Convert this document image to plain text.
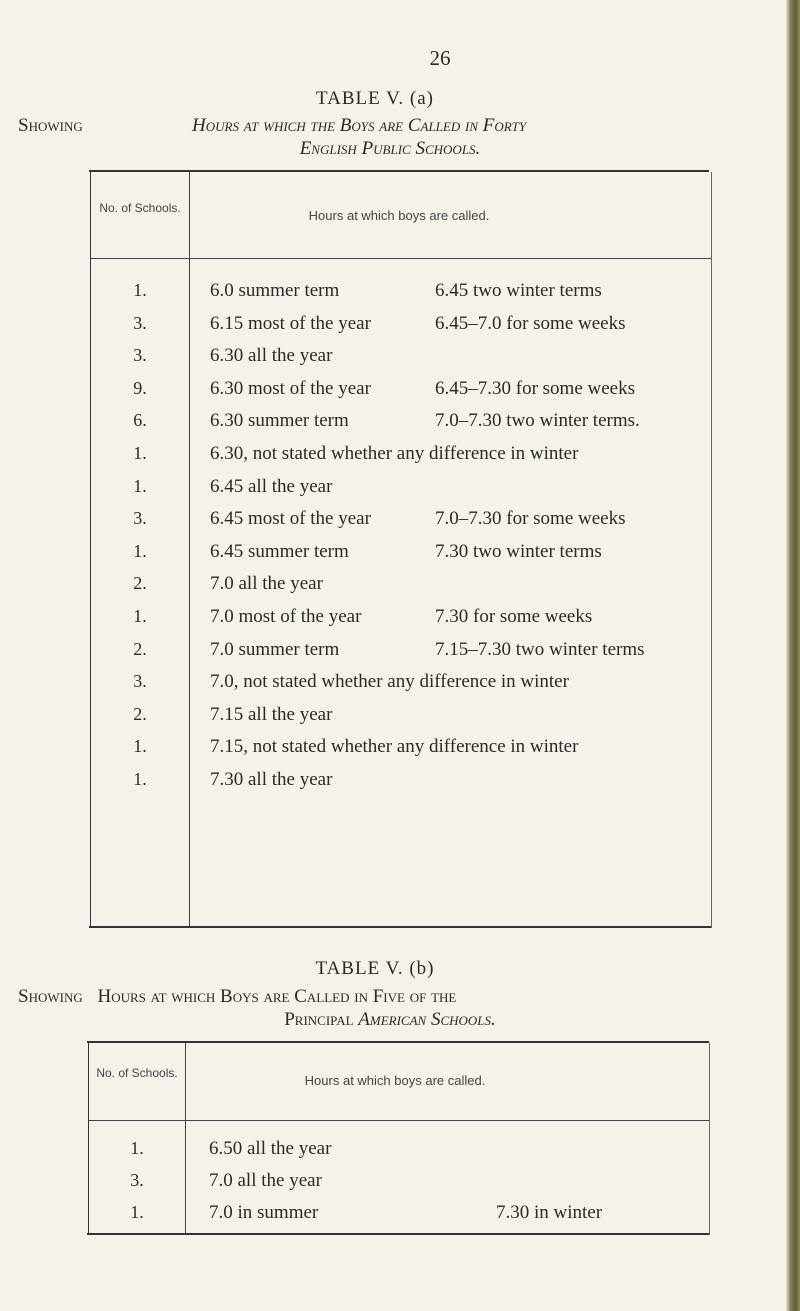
26
TABLE V. (a)
Showing	Hours at which the Boys are Called in Forty
English Public Schools.
No. of Schools.	Hours at which boys are called.
1.	6.0 summer term	6.45 two winter terms
3.	6.15 most of the year	6.45–7.0 for some weeks
3.	6.30 all the year
9.	6.30 most of the year	6.45–7.30 for some weeks
6.	6.30 summer term	7.0–7.30 two winter terms.
1.	6.30, not stated whether any difference in winter
1.	6.45 all the year
3.	6.45 most of the year	7.0–7.30 for some weeks
1.	6.45 summer term	7.30 two winter terms
2.	7.0 all the year
1.	7.0 most of the year	7.30 for some weeks
2.	7.0 summer term	7.15–7.30 two winter terms
3.	7.0, not stated whether any difference in winter
2.	7.15 all the year
1.	7.15, not stated whether any difference in winter
1.	7.30 all the year
TABLE V. (b)
Showing Hours at which Boys are Called in Five of the
Principal American Schools.
No. of Schools.	Hours at which boys are called.
1.	6.50 all the year
3.	7.0 all the year
1.	7.0 in summer	7.30 in winter
